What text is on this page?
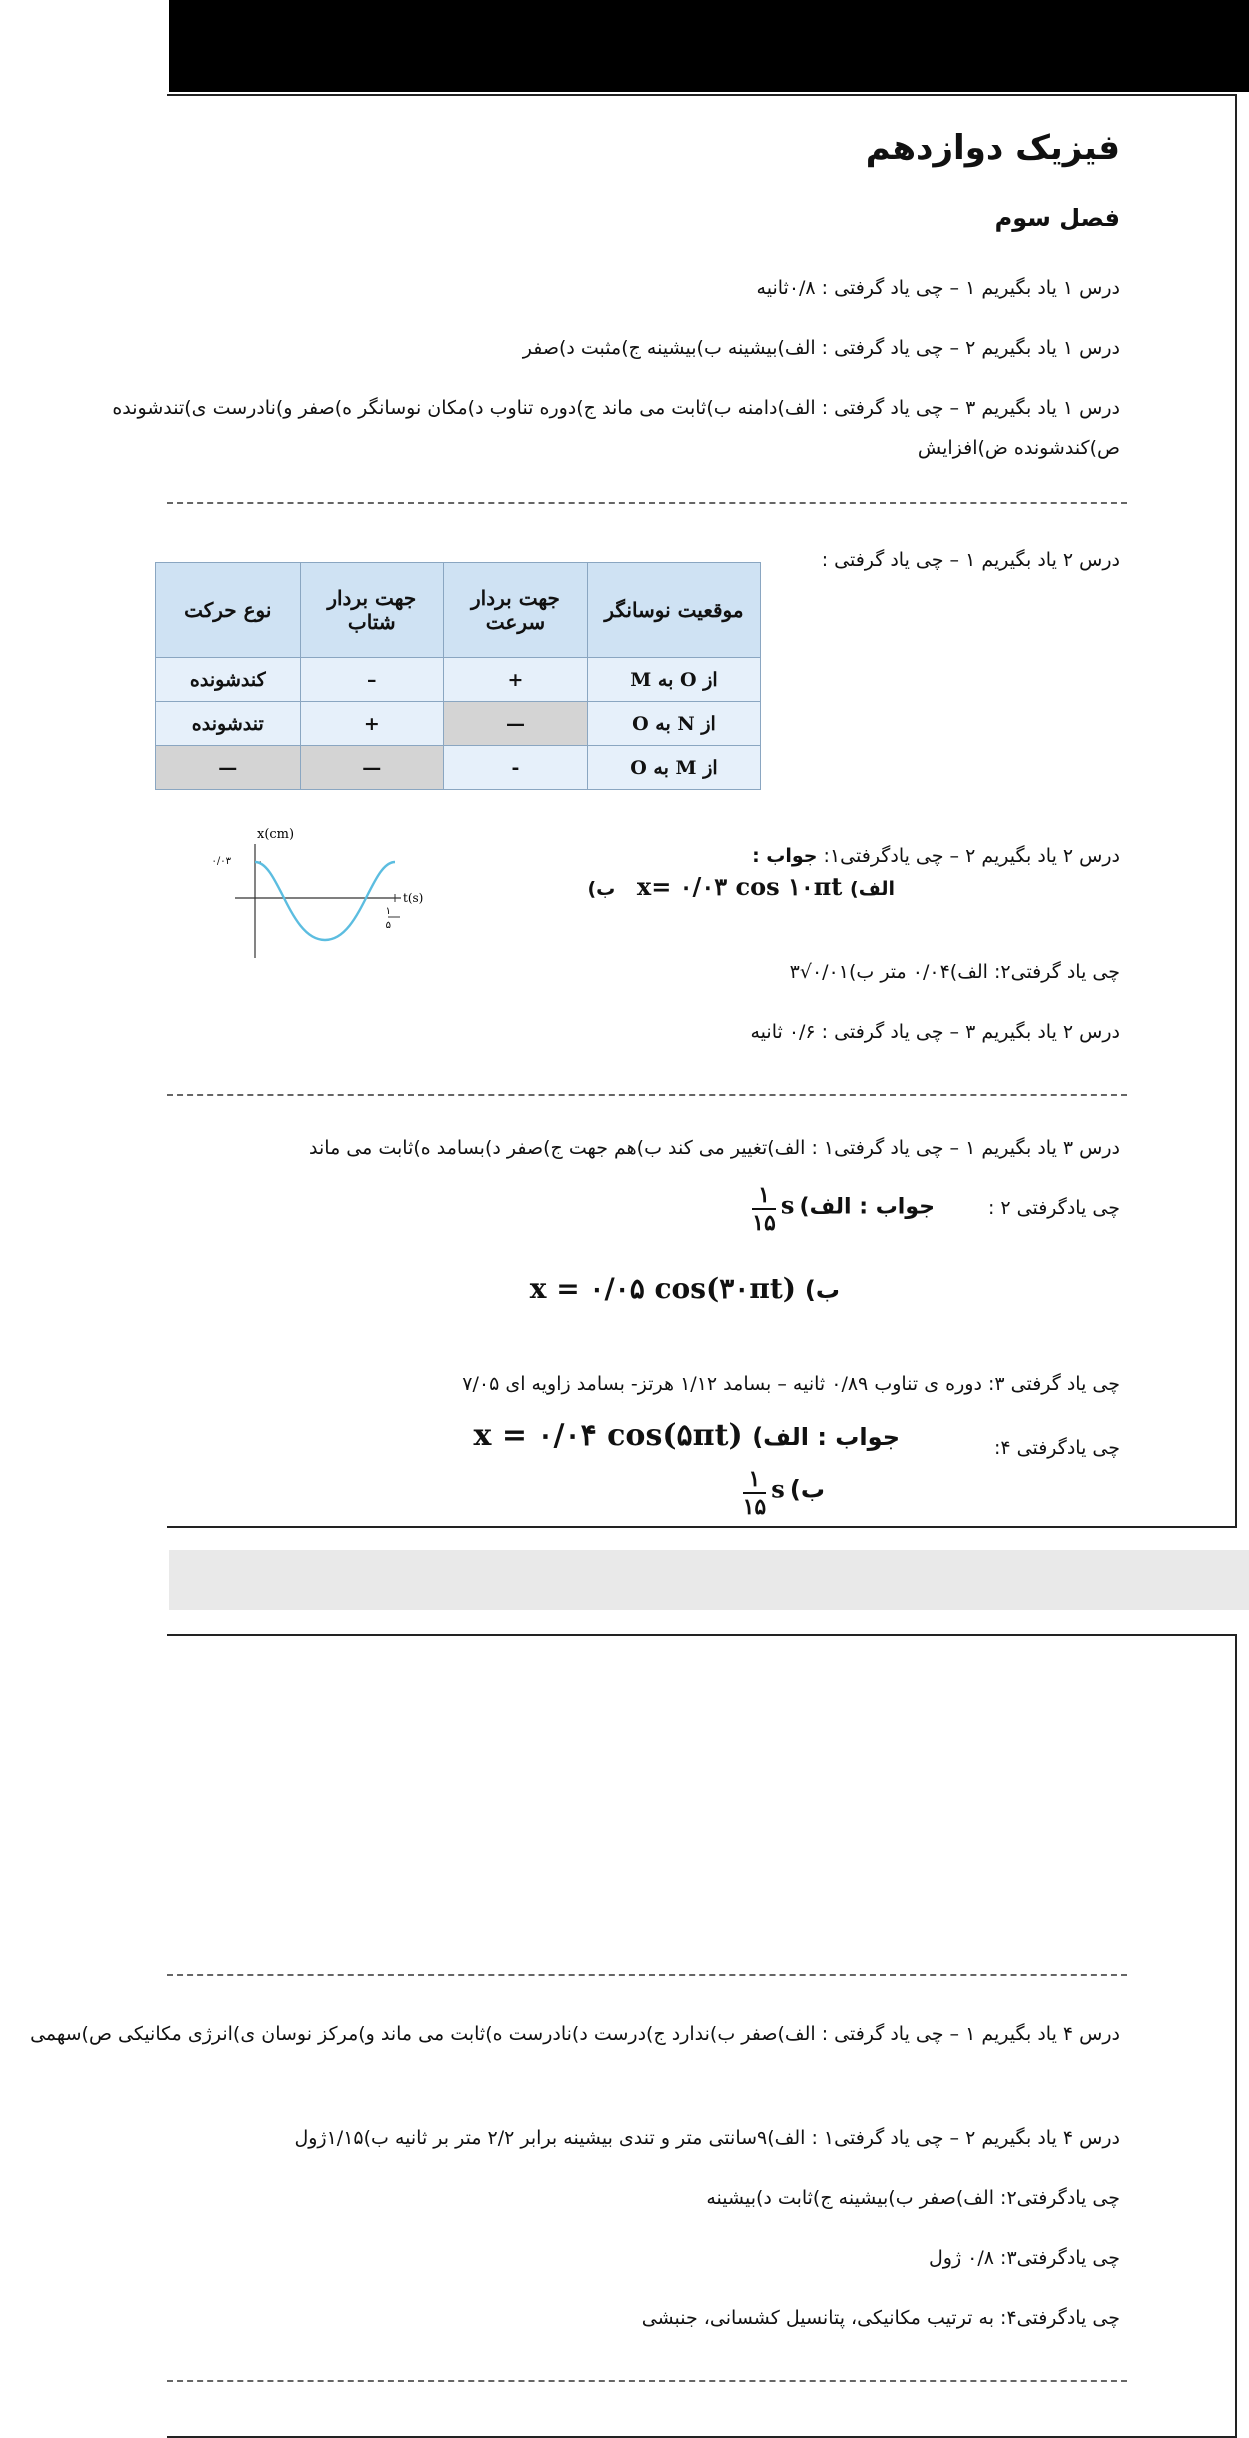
فیزیک دوازدهم
فصل سوم
درس ۱ یاد بگیریم ۱ – چی یاد گرفتی : ۰/۸ثانیه
درس ۱ یاد بگیریم ۲ – چی یاد گرفتی : الف)بیشینه ب)بیشینه ج)مثبت د)صفر
درس ۱ یاد بگیریم ۳ – چی یاد گرفتی : الف)دامنه ب)ثابت می ماند ج)دوره تناوب د)مکان نوسانگر ه)صفر و)نادرست ی)تندشونده ص)کندشونده ض)افزایش
درس ۲ یاد بگیریم ۱ – چی یاد گرفتی :
موقعیت نوسانگر	جهت بردار سرعت	جهت بردار شتاب	نوع حرکت
از O به M	+	–	کندشونده
از N به O	—	+	تندشونده
از M به O	-	—	—
درس ۲ یاد بگیریم ۲ – چی یادگرفتی۱: جواب :
الف) x= ۰/۰۳ cos ۱۰πt ب)
x(cm)
t(s)
۰/۰۳
۱
۵
چی یاد گرفتی۲: الف)۰/۰۴ متر ب)۰/۰۱√۳
درس ۲ یاد بگیریم ۳ – چی یاد گرفتی : ۰/۶ ثانیه
درس ۳ یاد بگیریم ۱ – چی یاد گرفتی۱ : الف)تغییر می کند ب)هم جهت ج)صفر د)بسامد ه)ثابت می ماند
چی یادگرفتی ۲ :
جواب : الف) s
$\frac{۱}{۱۵}$
ب) x = ۰/۰۵ cos(۳۰πt)
چی یاد گرفتی ۳: دوره ی تناوب ۰/۸۹ ثانیه – بسامد ۱/۱۲ هرتز- بسامد زاویه ای ۷/۰۵
چی یادگرفتی ۴:
جواب : الف) x = ۰/۰۴ cos(۵πt)
ب) s
$\frac{۱}{۱۵}$
درس ۴ یاد بگیریم ۱ – چی یاد گرفتی : الف)صفر ب)ندارد ج)درست د)نادرست ه)ثابت می ماند و)مرکز نوسان ی)انرژی مکانیکی ص)سهمی
درس ۴ یاد بگیریم ۲ – چی یاد گرفتی۱ : الف)۹سانتی متر و تندی بیشینه برابر ۲/۲ متر بر ثانیه ب)۱/۱۵ژول
چی یادگرفتی۲: الف)صفر ب)بیشینه ج)ثابت د)بیشینه
چی یادگرفتی۳: ۰/۸ ژول
چی یادگرفتی۴: به ترتیب مکانیکی، پتانسیل کشسانی، جنبشی
